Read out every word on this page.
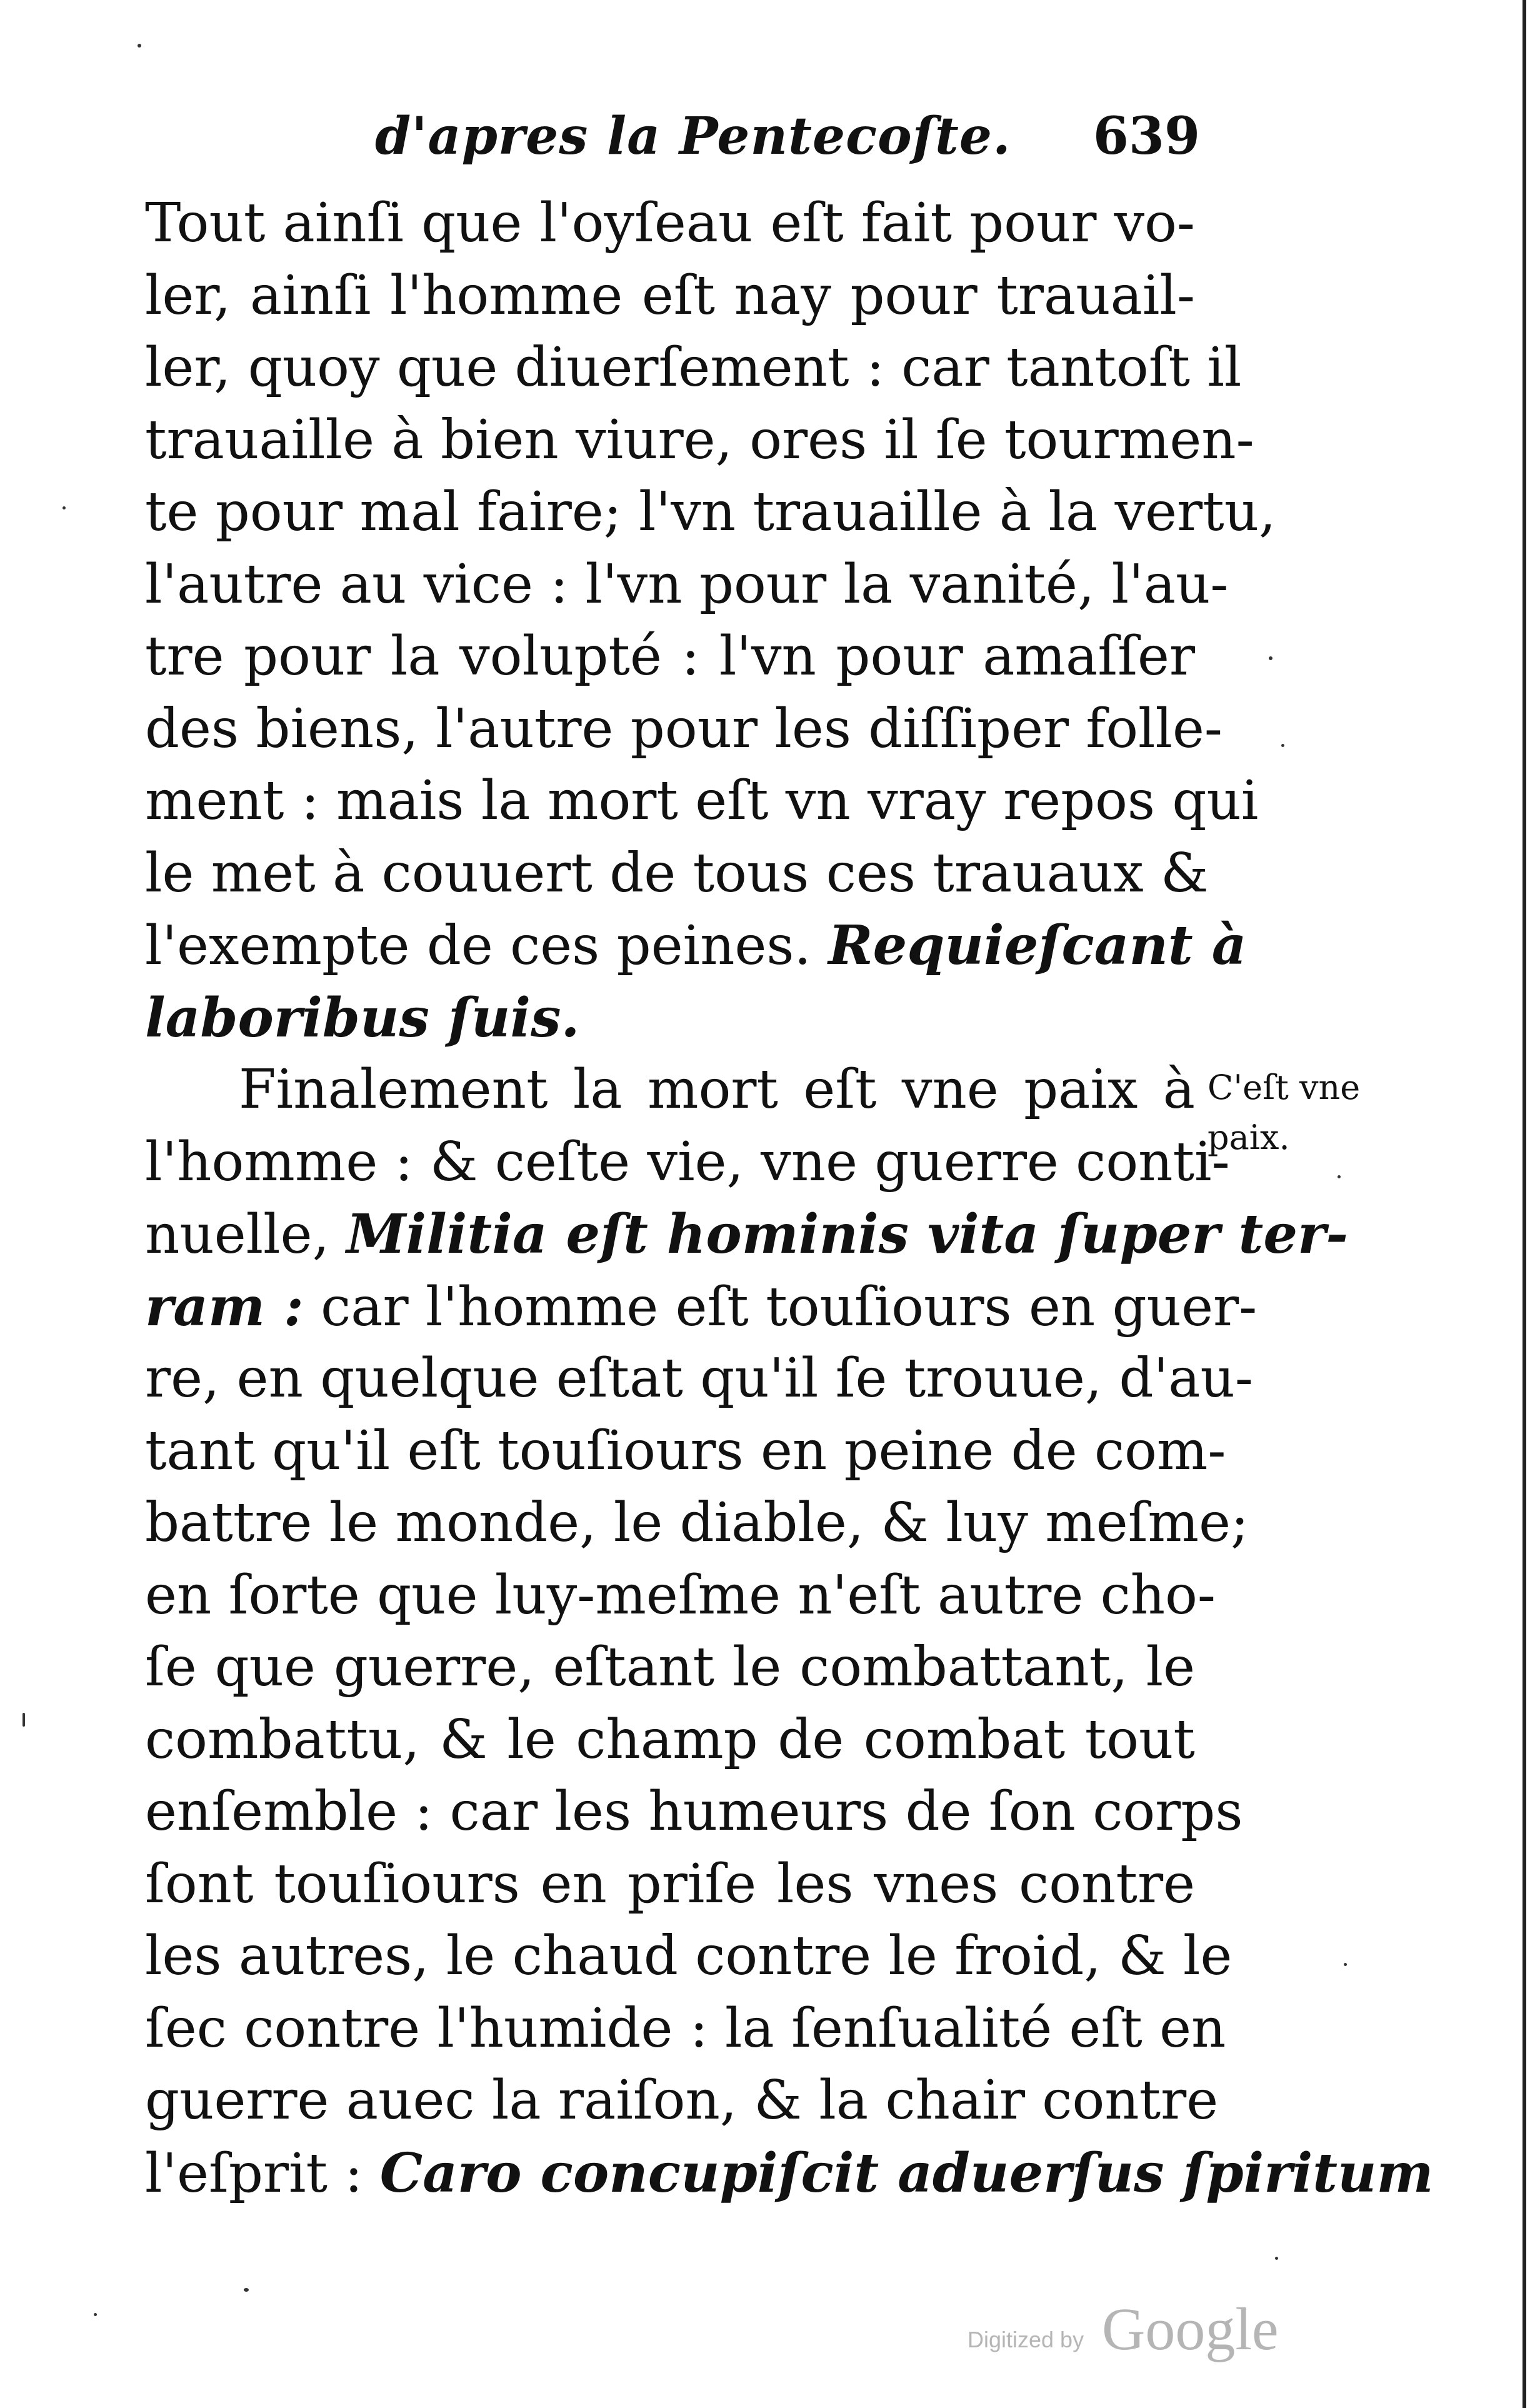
d'apres la Pentecoſte. 639
Tout ainſi que l'oyſeau eſt fait pour vo-
ler, ainſi l'homme eſt nay pour trauail-
ler, quoy que diuerſement : car tantoſt il
trauaille à bien viure, ores il ſe tourmen-
te pour mal faire; l'vn trauaille à la vertu,
l'autre au vice : l'vn pour la vanité, l'au-
tre pour la volupté : l'vn pour amaſſer
des biens, l'autre pour les diſſiper folle-
ment : mais la mort eſt vn vray repos qui
le met à couuert de tous ces trauaux &
l'exempte de ces peines. Requieſcant à
laboribus ſuis.
Finalement la mort eſt vne paix à
l'homme : & ceſte vie, vne guerre conti-
nuelle, Militia eſt hominis vita ſuper ter-
ram : car l'homme eſt touſiours en guer-
re, en quelque eſtat qu'il ſe trouue, d'au-
tant qu'il eſt touſiours en peine de com-
battre le monde, le diable, & luy meſme;
en ſorte que luy-meſme n'eſt autre cho-
ſe que guerre, eſtant le combattant, le
combattu, & le champ de combat tout
enſemble : car les humeurs de ſon corps
ſont touſiours en priſe les vnes contre
les autres, le chaud contre le froid, & le
ſec contre l'humide : la ſenſualité eſt en
guerre auec la raiſon, & la chair contre
l'eſprit : Caro concupiſcit aduerſus ſpiritum
C'eſt vne
paix.
Digitized by Google
